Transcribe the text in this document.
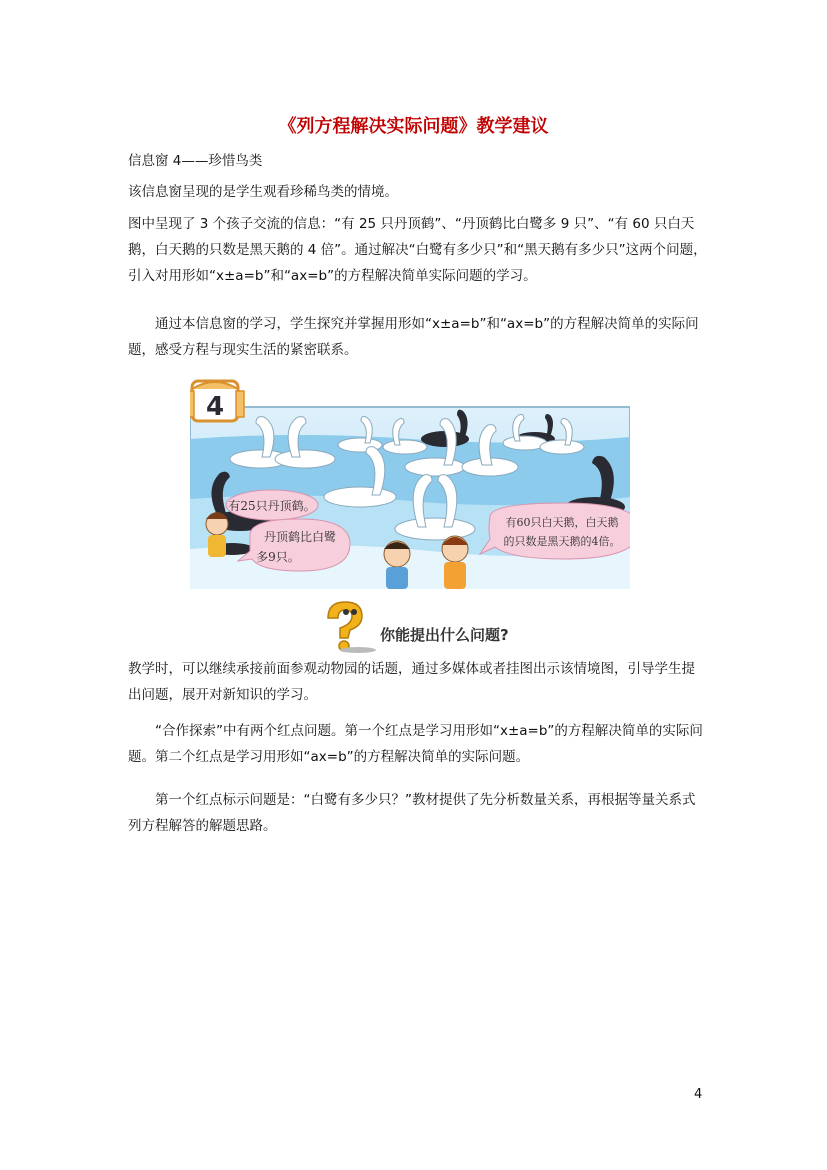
《列方程解决实际问题》教学建议
信息窗 4——珍惜鸟类
该信息窗呈现的是学生观看珍稀鸟类的情境。
图中呈现了 3 个孩子交流的信息：“有 25 只丹顶鹤”、“丹顶鹤比白鹭多 9 只”、“有 60 只白天鹅，白天鹅的只数是黑天鹅的 4 倍”。通过解决“白鹭有多少只”和“黑天鹅有多少只”这两个问题，引入对用形如“x±a=b”和“ax=b”的方程解决简单实际问题的学习。
通过本信息窗的学习，学生探究并掌握用形如“x±a=b”和“ax=b”的方程解决简单的实际问题，感受方程与现实生活的紧密联系。
4
有25只丹顶鹤。
丹顶鹤比白鹭
多9只。
有60只白天鹅，白天鹅
的只数是黑天鹅的4倍。
你能提出什么问题?
教学时，可以继续承接前面参观动物园的话题，通过多媒体或者挂图出示该情境图，引导学生提出问题，展开对新知识的学习。
“合作探索”中有两个红点问题。第一个红点是学习用形如“x±a=b”的方程解决简单的实际问题。第二个红点是学习用形如“ax=b”的方程解决简单的实际问题。
第一个红点标示问题是：“白鹭有多少只？”教材提供了先分析数量关系，再根据等量关系式列方程解答的解题思路。
4
